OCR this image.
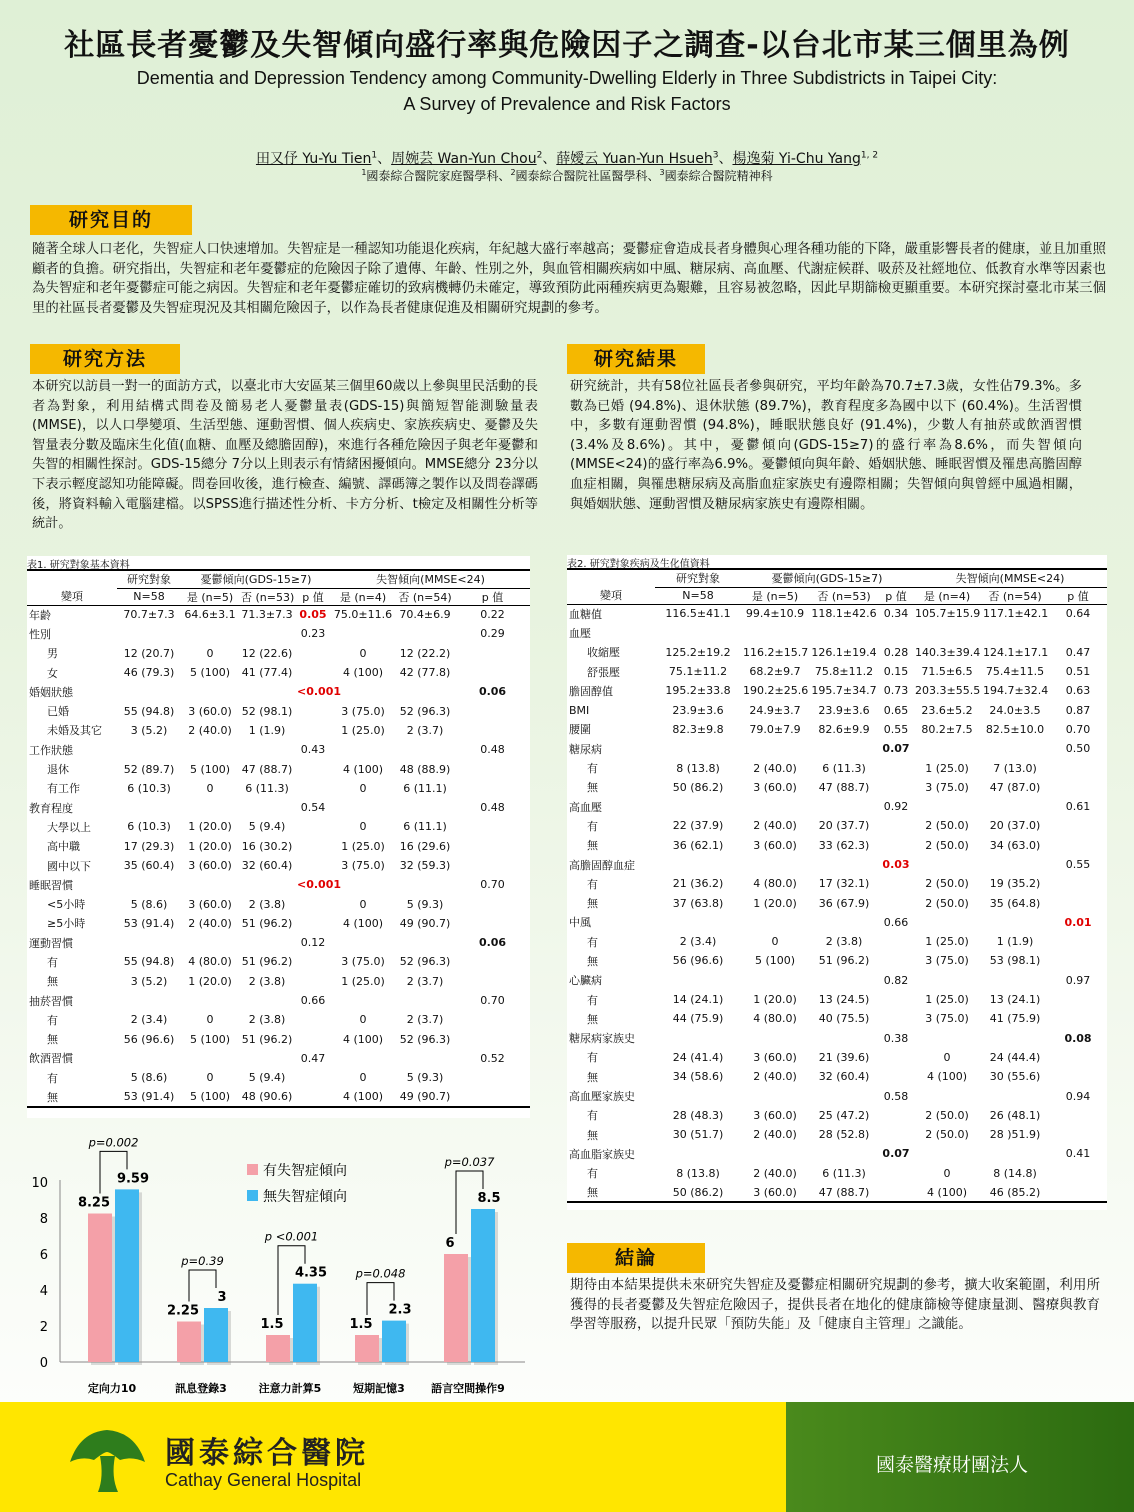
社區長者憂鬱及失智傾向盛行率與危險因子之調查-以台北市某三個里為例
Dementia and Depression Tendency among Community-Dwelling Elderly in Three Subdistricts in Taipei City:
A Survey of Prevalence and Risk Factors
田又伃 Yu-Yu Tien$^1$、周婉芸 Wan-Yun Chou$^2$、薛嬡云 Yuan-Yun Hsueh$^3$、楊逸菊 Yi-Chu Yang$^{1, 2}$
$^1$國泰綜合醫院家庭醫學科、$^2$國泰綜合醫院社區醫學科、$^3$國泰綜合醫院精神科
研究目的
隨著全球人口老化，失智症人口快速增加。失智症是一種認知功能退化疾病，年紀越大盛行率越高；憂鬱症會造成長者身體與心理各種功能的下降，嚴重影響長者的健康，並且加重照顧者的負擔。研究指出，失智症和老年憂鬱症的危險因子除了遺傳、年齡、性別之外，與血管相關疾病如中風、糖尿病、高血壓、代謝症候群、吸菸及社經地位、低教育水準等因素也為失智症和老年憂鬱症可能之病因。失智症和老年憂鬱症確切的致病機轉仍未確定，導致預防此兩種疾病更為艱難，且容易被忽略，因此早期篩檢更顯重要。本研究探討臺北市某三個里的社區長者憂鬱及失智症現況及其相關危險因子，以作為長者健康促進及相關研究規劃的參考。
研究方法
本研究以訪員一對一的面訪方式，以臺北市大安區某三個里60歲以上參與里民活動的長者為對象，利用結構式問卷及簡易老人憂鬱量表(GDS-15)與簡短智能測驗量表(MMSE)，以人口學變項、生活型態、運動習慣、個人疾病史、家族疾病史、憂鬱及失智量表分數及臨床生化值(血糖、血壓及總膽固醇)，來進行各種危險因子與老年憂鬱和失智的相關性探討。GDS-15總分 7分以上則表示有情緒困擾傾向。MMSE總分 23分以下表示輕度認知功能障礙。問卷回收後，進行檢查、編號、譯碼簿之製作以及問卷譯碼後，將資料輸入電腦建檔。以SPSS進行描述性分析、卡方分析、t檢定及相關性分析等統計。
研究結果
研究統計，共有58位社區長者參與研究，平均年齡為70.7±7.3歲，女性佔79.3%。多數為已婚 (94.8%)、退休狀態 (89.7%)，教育程度多為國中以下 (60.4%)。生活習慣中，多數有運動習慣 (94.8%)，睡眠狀態良好 (91.4%)，少數人有抽菸或飲酒習慣 (3.4%及8.6%)。其中，憂鬱傾向(GDS-15≥7)的盛行率為8.6%，而失智傾向(MMSE<24)的盛行率為6.9%。憂鬱傾向與年齡、婚姻狀態、睡眠習慣及罹患高膽固醇血症相關，與罹患糖尿病及高脂血症家族史有邊際相關；失智傾向與曾經中風過相關，與婚姻狀態、運動習慣及糖尿病家族史有邊際相關。
表1. 研究對象基本資料
	研究對象	憂鬱傾向(GDS-15≥7)			失智傾向(MMSE<24)		
變項	N=58	是 (n=5)	否 (n=53)	p 值	是 (n=4)	否 (n=54)	p 值
年齡	70.7±7.3	64.6±3.1	71.3±7.3	0.05	75.0±11.6	70.4±6.9	0.22
性別				0.23			0.29
男	12 (20.7)	0	12 (22.6)		0	12 (22.2)	
女	46 (79.3)	5 (100)	41 (77.4)		4 (100)	42 (77.8)	
婚姻狀態				<0.001			0.06
已婚	55 (94.8)	3 (60.0)	52 (98.1)		3 (75.0)	52 (96.3)	
未婚及其它	3 (5.2)	2 (40.0)	1 (1.9)		1 (25.0)	2 (3.7)	
工作狀態				0.43			0.48
退休	52 (89.7)	5 (100)	47 (88.7)		4 (100)	48 (88.9)	
有工作	6 (10.3)	0	6 (11.3)		0	6 (11.1)	
教育程度				0.54			0.48
大學以上	6 (10.3)	1 (20.0)	5 (9.4)		0	6 (11.1)	
高中職	17 (29.3)	1 (20.0)	16 (30.2)		1 (25.0)	16 (29.6)	
國中以下	35 (60.4)	3 (60.0)	32 (60.4)		3 (75.0)	32 (59.3)	
睡眠習慣				<0.001			0.70
<5小時	5 (8.6)	3 (60.0)	2 (3.8)		0	5 (9.3)	
≥5小時	53 (91.4)	2 (40.0)	51 (96.2)		4 (100)	49 (90.7)	
運動習慣				0.12			0.06
有	55 (94.8)	4 (80.0)	51 (96.2)		3 (75.0)	52 (96.3)	
無	3 (5.2)	1 (20.0)	2 (3.8)		1 (25.0)	2 (3.7)	
抽菸習慣				0.66			0.70
有	2 (3.4)	0	2 (3.8)		0	2 (3.7)	
無	56 (96.6)	5 (100)	51 (96.2)		4 (100)	52 (96.3)	
飲酒習慣				0.47			0.52
有	5 (8.6)	0	5 (9.4)		0	5 (9.3)	
無	53 (91.4)	5 (100)	48 (90.6)		4 (100)	49 (90.7)	
表2. 研究對象疾病及生化值資料
	研究對象	憂鬱傾向(GDS-15≥7)			失智傾向(MMSE<24)		
變項	N=58	是 (n=5)	否 (n=53)	p 值	是 (n=4)	否 (n=54)	p 值
血糖值	116.5±41.1	99.4±10.9	118.1±42.6	0.34	105.7±15.9	117.1±42.1	0.64
血壓							
收縮壓	125.2±19.2	116.2±15.7	126.1±19.4	0.28	140.3±39.4	124.1±17.1	0.47
舒張壓	75.1±11.2	68.2±9.7	75.8±11.2	0.15	71.5±6.5	75.4±11.5	0.51
膽固醇值	195.2±33.8	190.2±25.6	195.7±34.7	0.73	203.3±55.5	194.7±32.4	0.63
BMI	23.9±3.6	24.9±3.7	23.9±3.6	0.65	23.6±5.2	24.0±3.5	0.87
腰圍	82.3±9.8	79.0±7.9	82.6±9.9	0.55	80.2±7.5	82.5±10.0	0.70
糖尿病				0.07			0.50
有	8 (13.8)	2 (40.0)	6 (11.3)		1 (25.0)	7 (13.0)	
無	50 (86.2)	3 (60.0)	47 (88.7)		3 (75.0)	47 (87.0)	
高血壓				0.92			0.61
有	22 (37.9)	2 (40.0)	20 (37.7)		2 (50.0)	20 (37.0)	
無	36 (62.1)	3 (60.0)	33 (62.3)		2 (50.0)	34 (63.0)	
高膽固醇血症				0.03			0.55
有	21 (36.2)	4 (80.0)	17 (32.1)		2 (50.0)	19 (35.2)	
無	37 (63.8)	1 (20.0)	36 (67.9)		2 (50.0)	35 (64.8)	
中風				0.66			0.01
有	2 (3.4)	0	2 (3.8)		1 (25.0)	1 (1.9)	
無	56 (96.6)	5 (100)	51 (96.2)		3 (75.0)	53 (98.1)	
心臟病				0.82			0.97
有	14 (24.1)	1 (20.0)	13 (24.5)		1 (25.0)	13 (24.1)	
無	44 (75.9)	4 (80.0)	40 (75.5)		3 (75.0)	41 (75.9)	
糖尿病家族史				0.38			0.08
有	24 (41.4)	3 (60.0)	21 (39.6)		0	24 (44.4)	
無	34 (58.6)	2 (40.0)	32 (60.4)		4 (100)	30 (55.6)	
高血壓家族史				0.58			0.94
有	28 (48.3)	3 (60.0)	25 (47.2)		2 (50.0)	26 (48.1)	
無	30 (51.7)	2 (40.0)	28 (52.8)		2 (50.0)	28 )51.9)	
高血脂家族史				0.07			0.41
有	8 (13.8)	2 (40.0)	6 (11.3)		0	8 (14.8)	
無	50 (86.2)	3 (60.0)	47 (88.7)		4 (100)	46 (85.2)	
0
2
4
6
8
10
定向力10
8.25
9.59
p=0.002
訊息登錄3
2.25
3
p=0.39
注意力計算5
1.5
4.35
p <0.001
短期記憶3
1.5
2.3
p=0.048
語言空間操作9
6
8.5
p=0.037
有失智症傾向
無失智症傾向
結論
期待由本結果提供未來研究失智症及憂鬱症相關研究規劃的參考，擴大收案範圍，利用所獲得的長者憂鬱及失智症危險因子，提供長者在地化的健康篩檢等健康量測、醫療與教育學習等服務，以提升民眾「預防失能」及「健康自主管理」之識能。
國泰綜合醫院
Cathay General Hospital
國泰醫療財團法人
